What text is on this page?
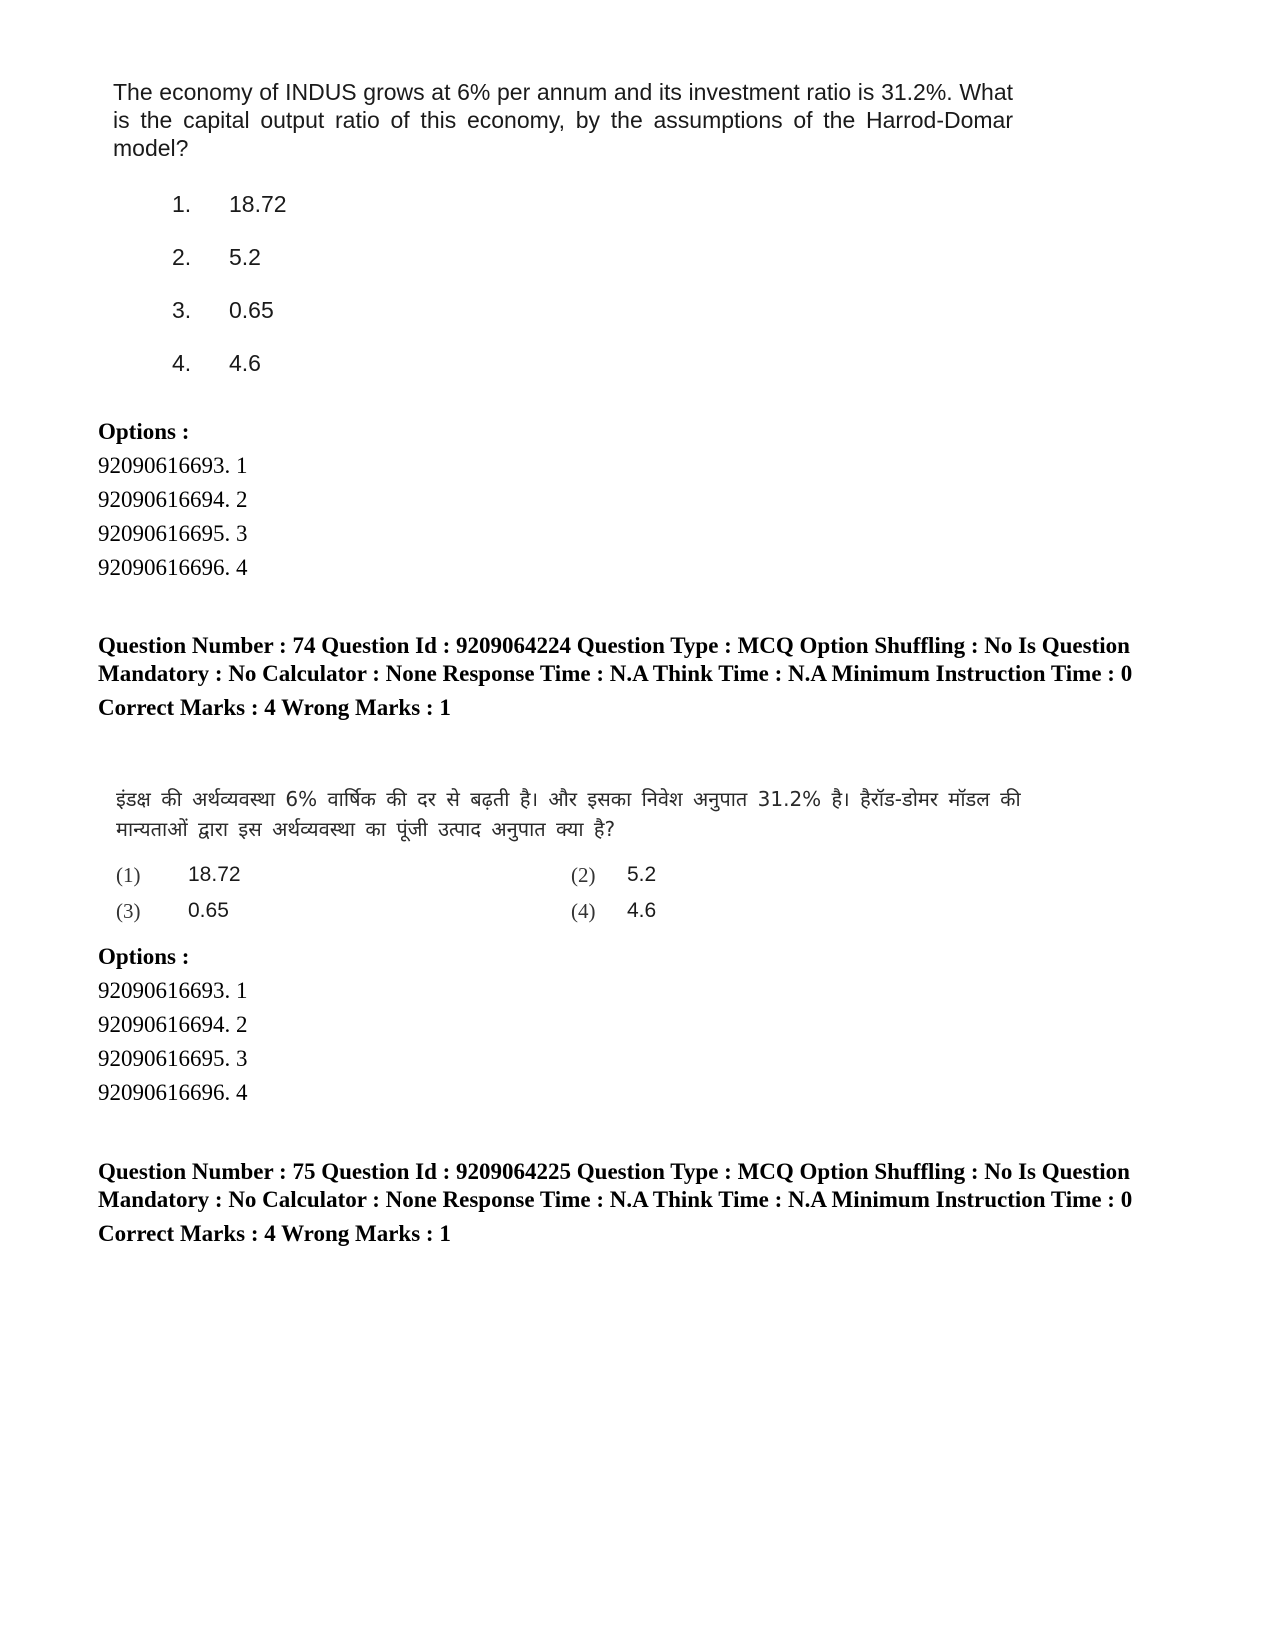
The economy of INDUS grows at 6% per annum and its investment ratio is 31.2%. What is the capital output ratio of this economy, by the assumptions of the Harrod-Domar model?

1. 18.72
2. 5.2
3. 0.65
4. 4.6

Options :

92090616693. 1

92090616694. 2

92090616695. 3

92090616696. 4

Question Number : 74 Question Id : 9209064224 Question Type : MCQ Option Shuffling : No Is Question Mandatory : No Calculator : None Response Time : N.A Think Time : N.A Minimum Instruction Time : 0

Correct Marks : 4 Wrong Marks : 1

इंडक्ष की अर्थव्यवस्था 6% वार्षिक की दर से बढ़ती है। और इसका निवेश अनुपात 31.2% है। हैरॉड-डोमर मॉडल की मान्यताओं द्वारा इस अर्थव्यवस्था का पूंजी उत्पाद अनुपात क्या है?

(1) 18.72	(2) 5.2
(3) 0.65	(4) 4.6

Options :

92090616693. 1

92090616694. 2

92090616695. 3

92090616696. 4

Question Number : 75 Question Id : 9209064225 Question Type : MCQ Option Shuffling : No Is Question Mandatory : No Calculator : None Response Time : N.A Think Time : N.A Minimum Instruction Time : 0

Correct Marks : 4 Wrong Marks : 1
